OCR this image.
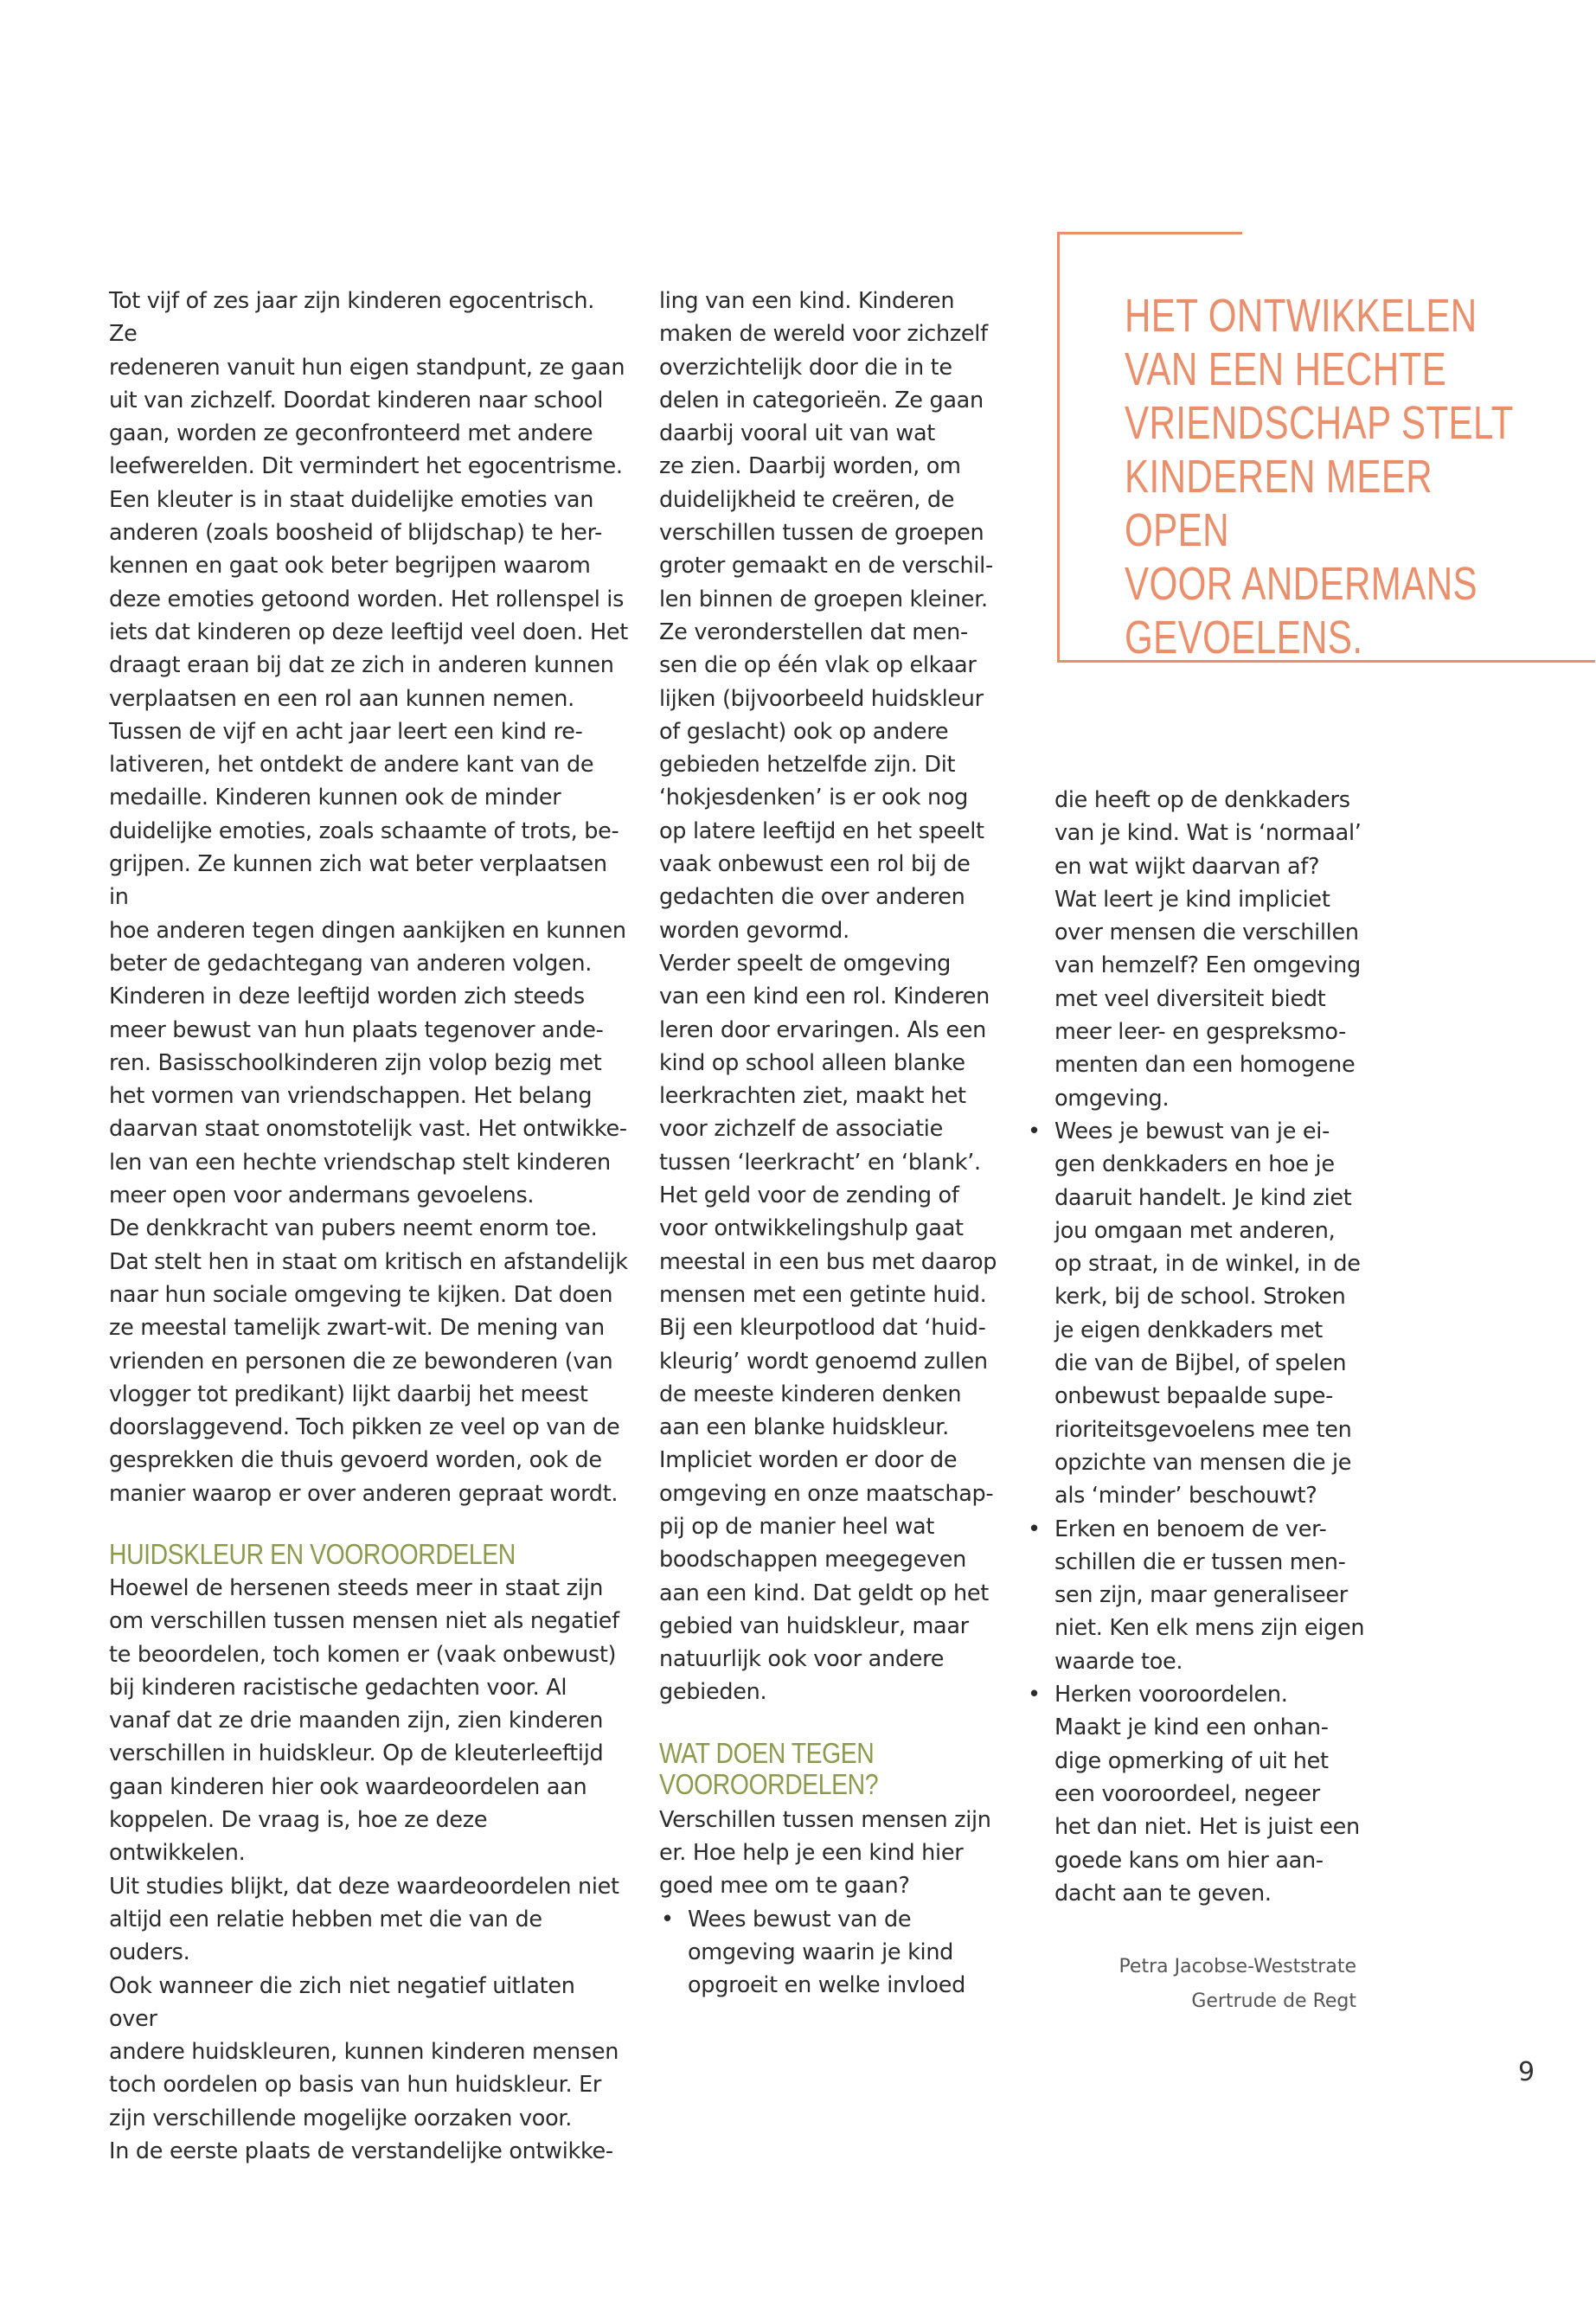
Tot vijf of zes jaar zijn kinderen egocentrisch. Ze

redeneren vanuit hun eigen standpunt, ze gaan

uit van zichzelf. Doordat kinderen naar school

gaan, worden ze geconfronteerd met andere

leefwerelden. Dit vermindert het egocentrisme.

Een kleuter is in staat duidelijke emoties van

anderen (zoals boosheid of blijdschap) te her-

kennen en gaat ook beter begrijpen waarom

deze emoties getoond worden. Het rollenspel is

iets dat kinderen op deze leeftijd veel doen. Het

draagt eraan bij dat ze zich in anderen kunnen

verplaatsen en een rol aan kunnen nemen.

Tussen de vijf en acht jaar leert een kind re-

lativeren, het ontdekt de andere kant van de

medaille. Kinderen kunnen ook de minder

duidelijke emoties, zoals schaamte of trots, be-

grijpen. Ze kunnen zich wat beter verplaatsen in

hoe anderen tegen dingen aankijken en kunnen

beter de gedachtegang van anderen volgen.

Kinderen in deze leeftijd worden zich steeds

meer bewust van hun plaats tegenover ande-

ren. Basisschoolkinderen zijn volop bezig met

het vormen van vriendschappen. Het belang

daarvan staat onomstotelijk vast. Het ontwikke-

len van een hechte vriendschap stelt kinderen

meer open voor andermans gevoelens.

De denkkracht van pubers neemt enorm toe.

Dat stelt hen in staat om kritisch en afstandelijk

naar hun sociale omgeving te kijken. Dat doen

ze meestal tamelijk zwart-wit. De mening van

vrienden en personen die ze bewonderen (van

vlogger tot predikant) lijkt daarbij het meest

doorslaggevend. Toch pikken ze veel op van de

gesprekken die thuis gevoerd worden, ook de

manier waarop er over anderen gepraat wordt.

HUIDSKLEUR EN VOOROORDELEN

Hoewel de hersenen steeds meer in staat zijn

om verschillen tussen mensen niet als negatief

te beoordelen, toch komen er (vaak onbewust)

bij kinderen racistische gedachten voor. Al

vanaf dat ze drie maanden zijn, zien kinderen

verschillen in huidskleur. Op de kleuterleeftijd

gaan kinderen hier ook waardeoordelen aan

koppelen. De vraag is, hoe ze deze ontwikkelen.

Uit studies blijkt, dat deze waardeoordelen niet

altijd een relatie hebben met die van de ouders.

Ook wanneer die zich niet negatief uitlaten over

andere huidskleuren, kunnen kinderen mensen

toch oordelen op basis van hun huidskleur. Er

zijn verschillende mogelijke oorzaken voor.

In de eerste plaats de verstandelijke ontwikke-

ling van een kind. Kinderen

maken de wereld voor zichzelf

overzichtelijk door die in te

delen in categorieën. Ze gaan

daarbij vooral uit van wat

ze zien. Daarbij worden, om

duidelijkheid te creëren, de

verschillen tussen de groepen

groter gemaakt en de verschil-

len binnen de groepen kleiner.

Ze veronderstellen dat men-

sen die op één vlak op elkaar

lijken (bijvoorbeeld huidskleur

of geslacht) ook op andere

gebieden hetzelfde zijn. Dit

‘hokjesdenken’ is er ook nog

op latere leeftijd en het speelt

vaak onbewust een rol bij de

gedachten die over anderen

worden gevormd.

Verder speelt de omgeving

van een kind een rol. Kinderen

leren door ervaringen. Als een

kind op school alleen blanke

leerkrachten ziet, maakt het

voor zichzelf de associatie

tussen ‘leerkracht’ en ‘blank’.

Het geld voor de zending of

voor ontwikkelingshulp gaat

meestal in een bus met daarop

mensen met een getinte huid.

Bij een kleurpotlood dat ‘huid-

kleurig’ wordt genoemd zullen

de meeste kinderen denken

aan een blanke huidskleur.

Impliciet worden er door de

omgeving en onze maatschap-

pij op de manier heel wat

boodschappen meegegeven

aan een kind. Dat geldt op het

gebied van huidskleur, maar

natuurlijk ook voor andere

gebieden.

WAT DOEN TEGEN
VOOROORDELEN?

Verschillen tussen mensen zijn

er. Hoe help je een kind hier

goed mee om te gaan?

• Wees bewust van de

omgeving waarin je kind

opgroeit en welke invloed

HET ONTWIKKELEN
VAN EEN HECHTE
VRIENDSCHAP STELT
KINDEREN MEER OPEN
VOOR ANDERMANS
GEVOELENS.

die heeft op de denkkaders

van je kind. Wat is ‘normaal’

en wat wijkt daarvan af?

Wat leert je kind impliciet

over mensen die verschillen

van hemzelf? Een omgeving

met veel diversiteit biedt

meer leer- en gespreksmo-

menten dan een homogene

omgeving.

• Wees je bewust van je ei-

gen denkkaders en hoe je

daaruit handelt. Je kind ziet

jou omgaan met anderen,

op straat, in de winkel, in de

kerk, bij de school. Stroken

je eigen denkkaders met

die van de Bijbel, of spelen

onbewust bepaalde supe-

rioriteitsgevoelens mee ten

opzichte van mensen die je

als ‘minder’ beschouwt?

• Erken en benoem de ver-

schillen die er tussen men-

sen zijn, maar generaliseer

niet. Ken elk mens zijn eigen

waarde toe.

• Herken vooroordelen.

Maakt je kind een onhan-

dige opmerking of uit het

een vooroordeel, negeer

het dan niet. Het is juist een

goede kans om hier aan-

dacht aan te geven.

Petra Jacobse-Weststrate
Gertrude de Regt
9
